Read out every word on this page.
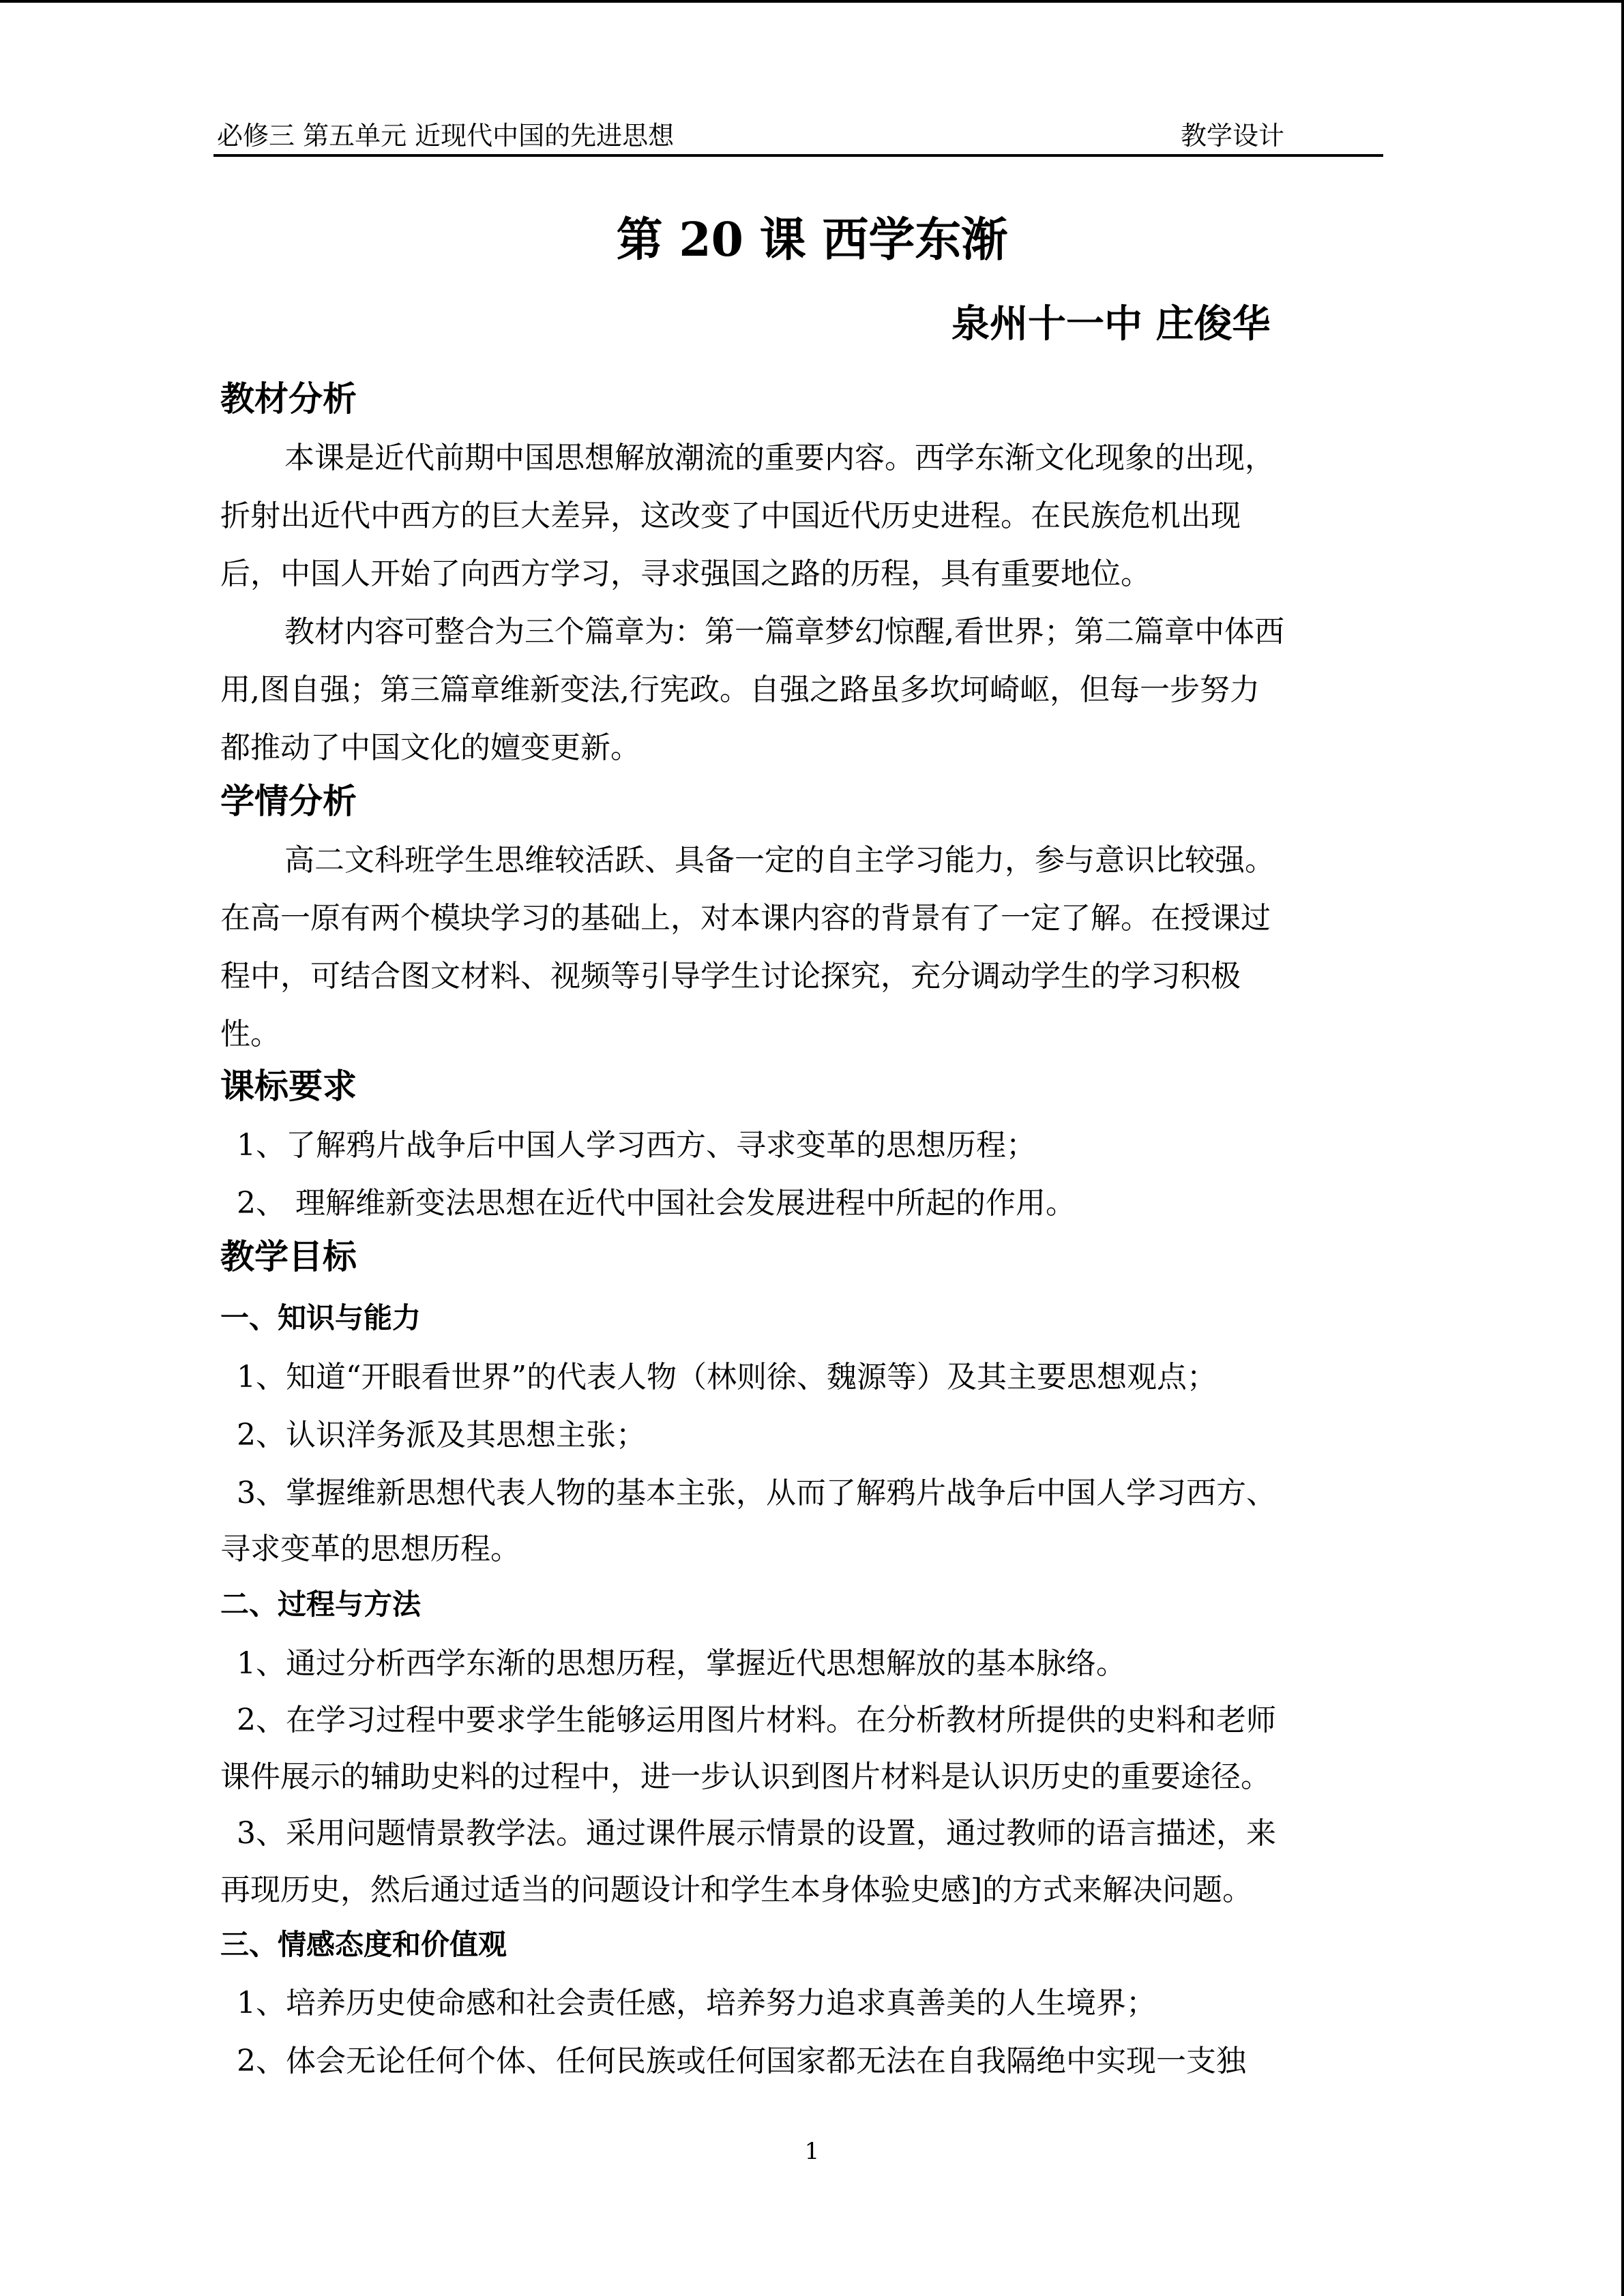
必修三 第五单元 近现代中国的先进思想	教学设计
第 20 课 西学东渐
泉州十一中 庄俊华
教材分析
本课是近代前期中国思想解放潮流的重要内容。西学东渐文化现象的出现，
折射出近代中西方的巨大差异，这改变了中国近代历史进程。在民族危机出现
后，中国人开始了向西方学习，寻求强国之路的历程，具有重要地位。
教材内容可整合为三个篇章为：第一篇章梦幻惊醒,看世界；第二篇章中体西
用,图自强；第三篇章维新变法,行宪政。自强之路虽多坎坷崎岖，但每一步努力
都推动了中国文化的嬗变更新。
学情分析
高二文科班学生思维较活跃、具备一定的自主学习能力，参与意识比较强。
在高一原有两个模块学习的基础上，对本课内容的背景有了一定了解。在授课过
程中，可结合图文材料、视频等引导学生讨论探究，充分调动学生的学习积极
性。
课标要求
1、了解鸦片战争后中国人学习西方、寻求变革的思想历程；
2、 理解维新变法思想在近代中国社会发展进程中所起的作用。
教学目标
一、知识与能力
1、知道“开眼看世界”的代表人物（林则徐、魏源等）及其主要思想观点；
2、认识洋务派及其思想主张；
3、掌握维新思想代表人物的基本主张，从而了解鸦片战争后中国人学习西方、
寻求变革的思想历程。
二、过程与方法
1、通过分析西学东渐的思想历程，掌握近代思想解放的基本脉络。
2、在学习过程中要求学生能够运用图片材料。在分析教材所提供的史料和老师
课件展示的辅助史料的过程中，进一步认识到图片材料是认识历史的重要途径。
3、采用问题情景教学法。通过课件展示情景的设置，通过教师的语言描述，来
再现历史，然后通过适当的问题设计和学生本身体验史感]的方式来解决问题。
三、情感态度和价值观
1、培养历史使命感和社会责任感，培养努力追求真善美的人生境界；
2、体会无论任何个体、任何民族或任何国家都无法在自我隔绝中实现一支独
1
